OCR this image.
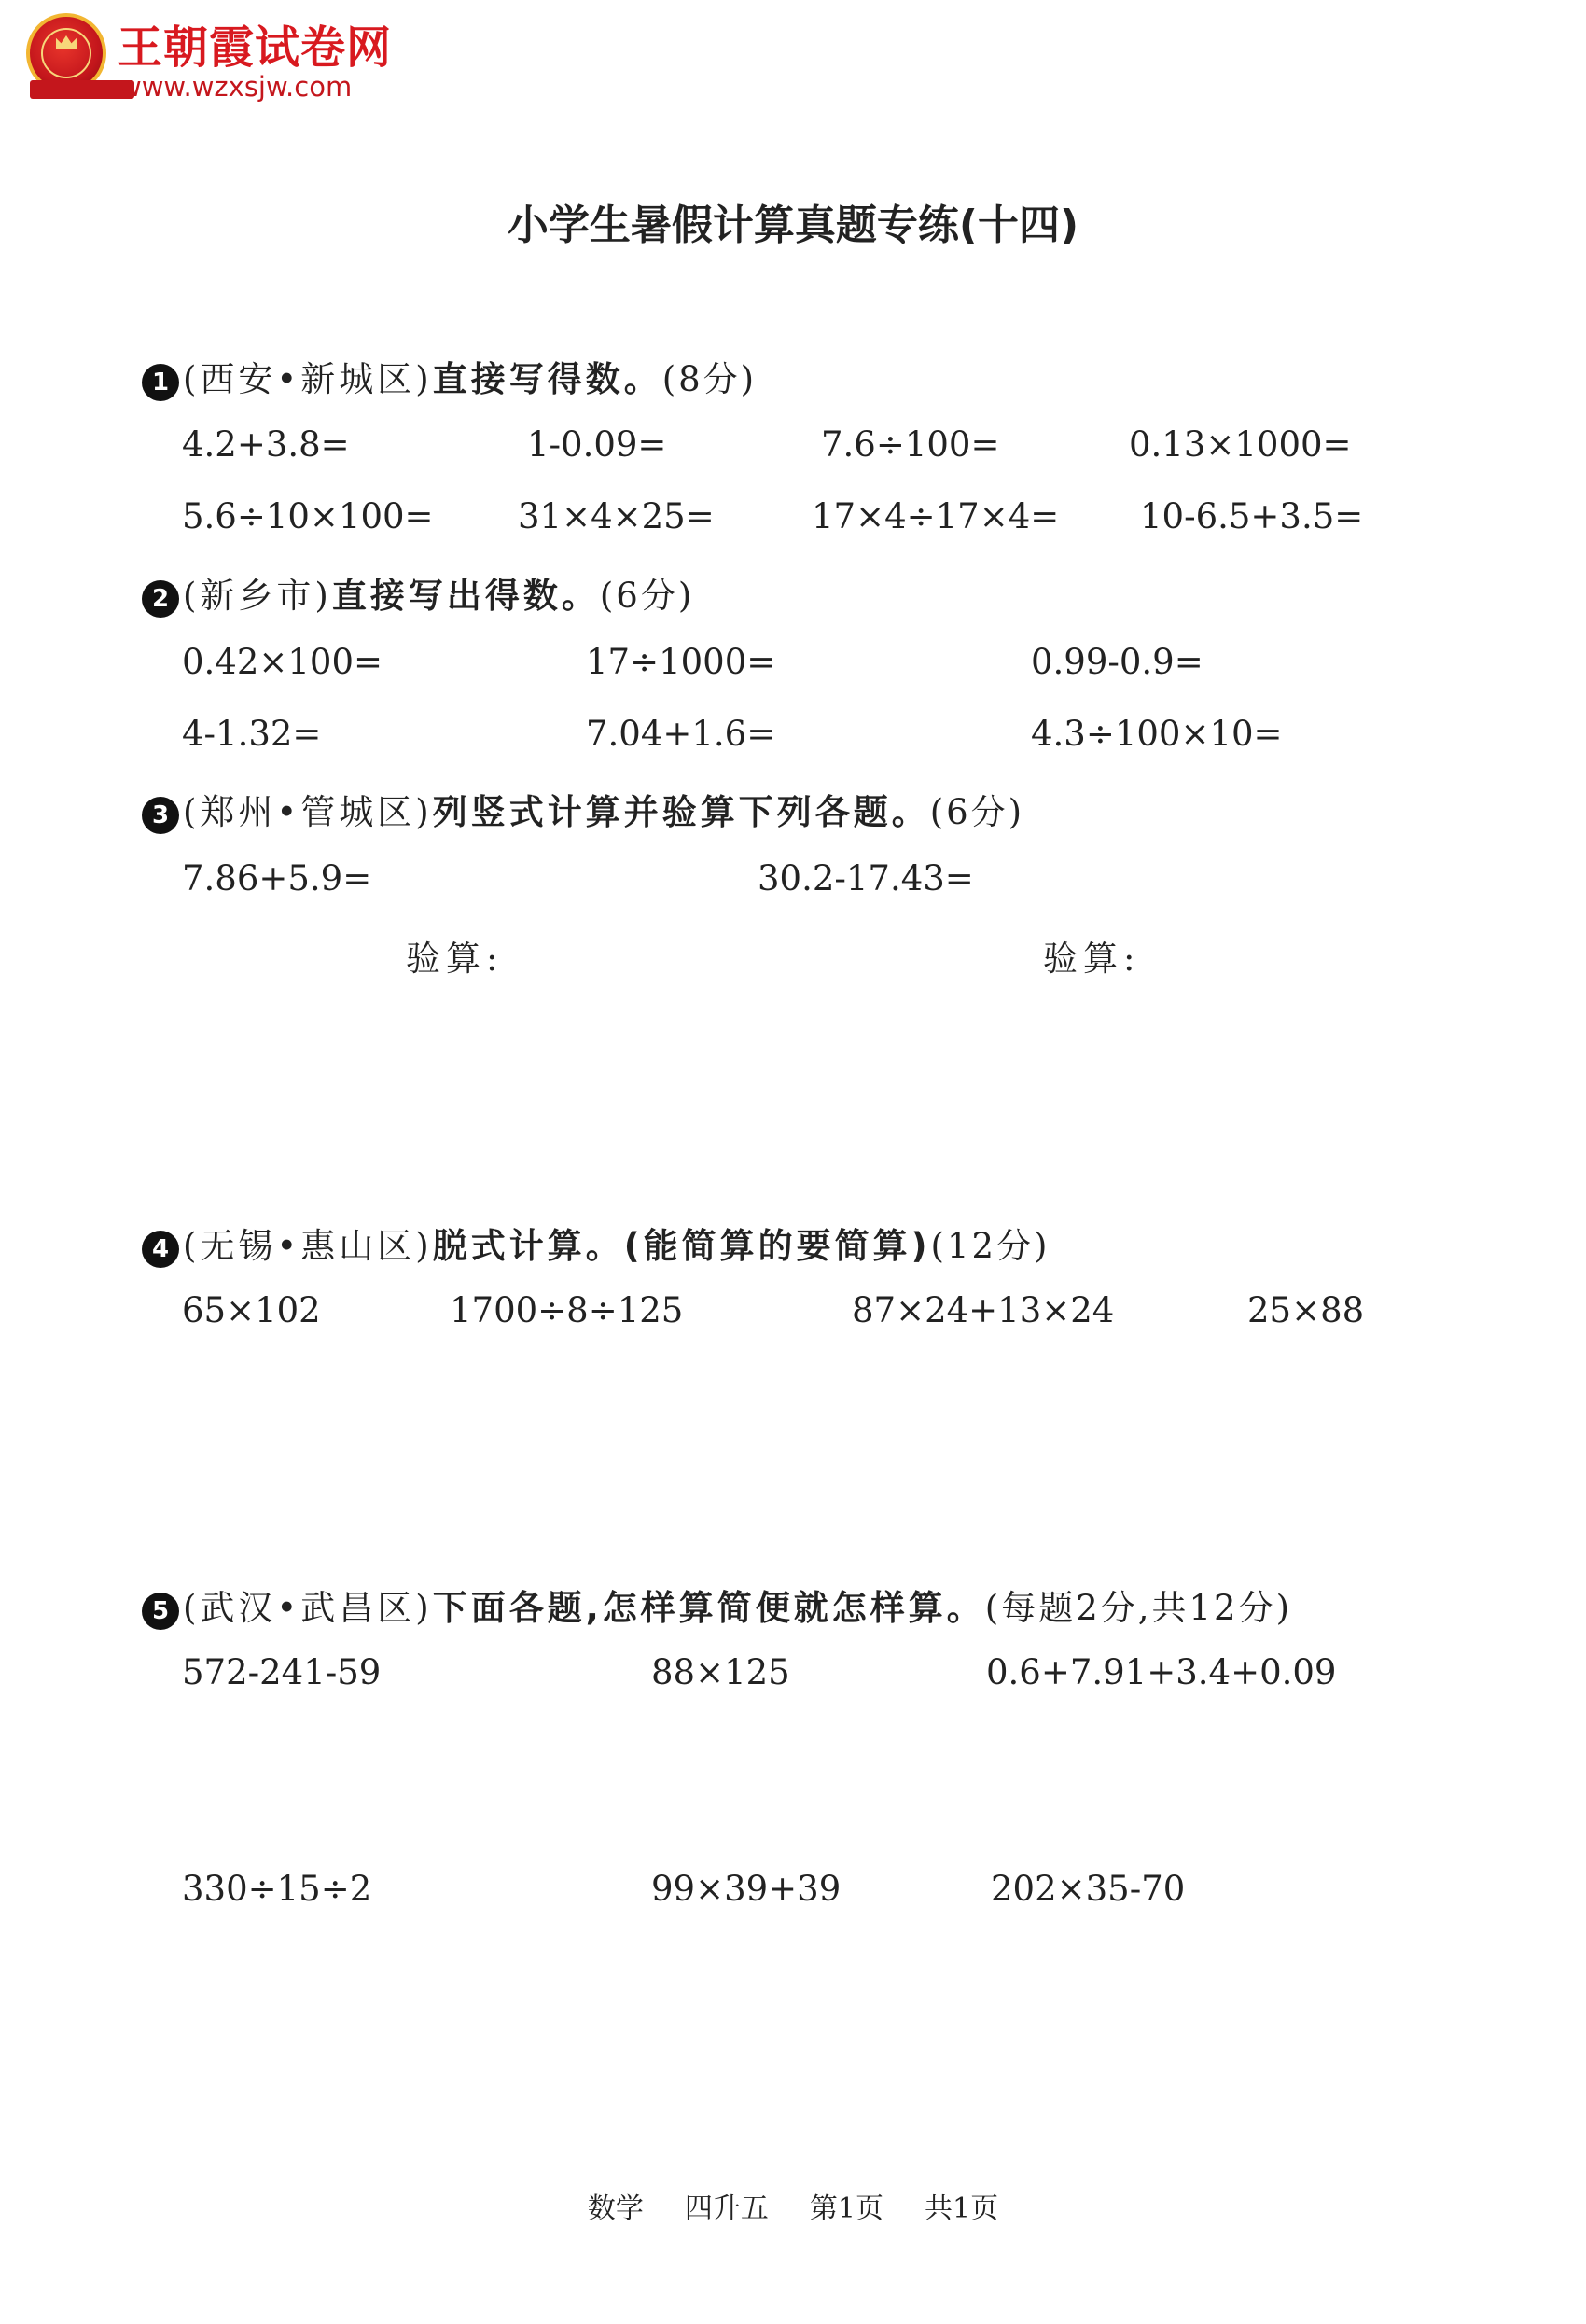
王朝霞试卷网
www.wzxsjw.com
小学生暑假计算真题专练(十四)
1 (西安•新城区)直接写得数。(8分)
4.2+3.8=	1-0.09=	7.6÷100=	0.13×1000=
5.6÷10×100= 31×4×25=	17×4÷17×4= 10-6.5+3.5=
2 (新乡市)直接写出得数。(6分)
0.42×100=	17÷1000=	0.99-0.9=
4-1.32=	7.04+1.6=	4.3÷100×10=
3 (郑州•管城区)列竖式计算并验算下列各题。(6分)
7.86+5.9=	30.2-17.43=
验算:	验算:
4 (无锡•惠山区)脱式计算。(能简算的要简算)(12分)
65×102	1700÷8÷125	87×24+13×24	25×88
5 (武汉•武昌区)下面各题,怎样算简便就怎样算。(每题2分,共12分)
572-241-59	88×125	0.6+7.91+3.4+0.09
330÷15÷2	99×39+39	202×35-70
数学 四升五 第1页 共1页
